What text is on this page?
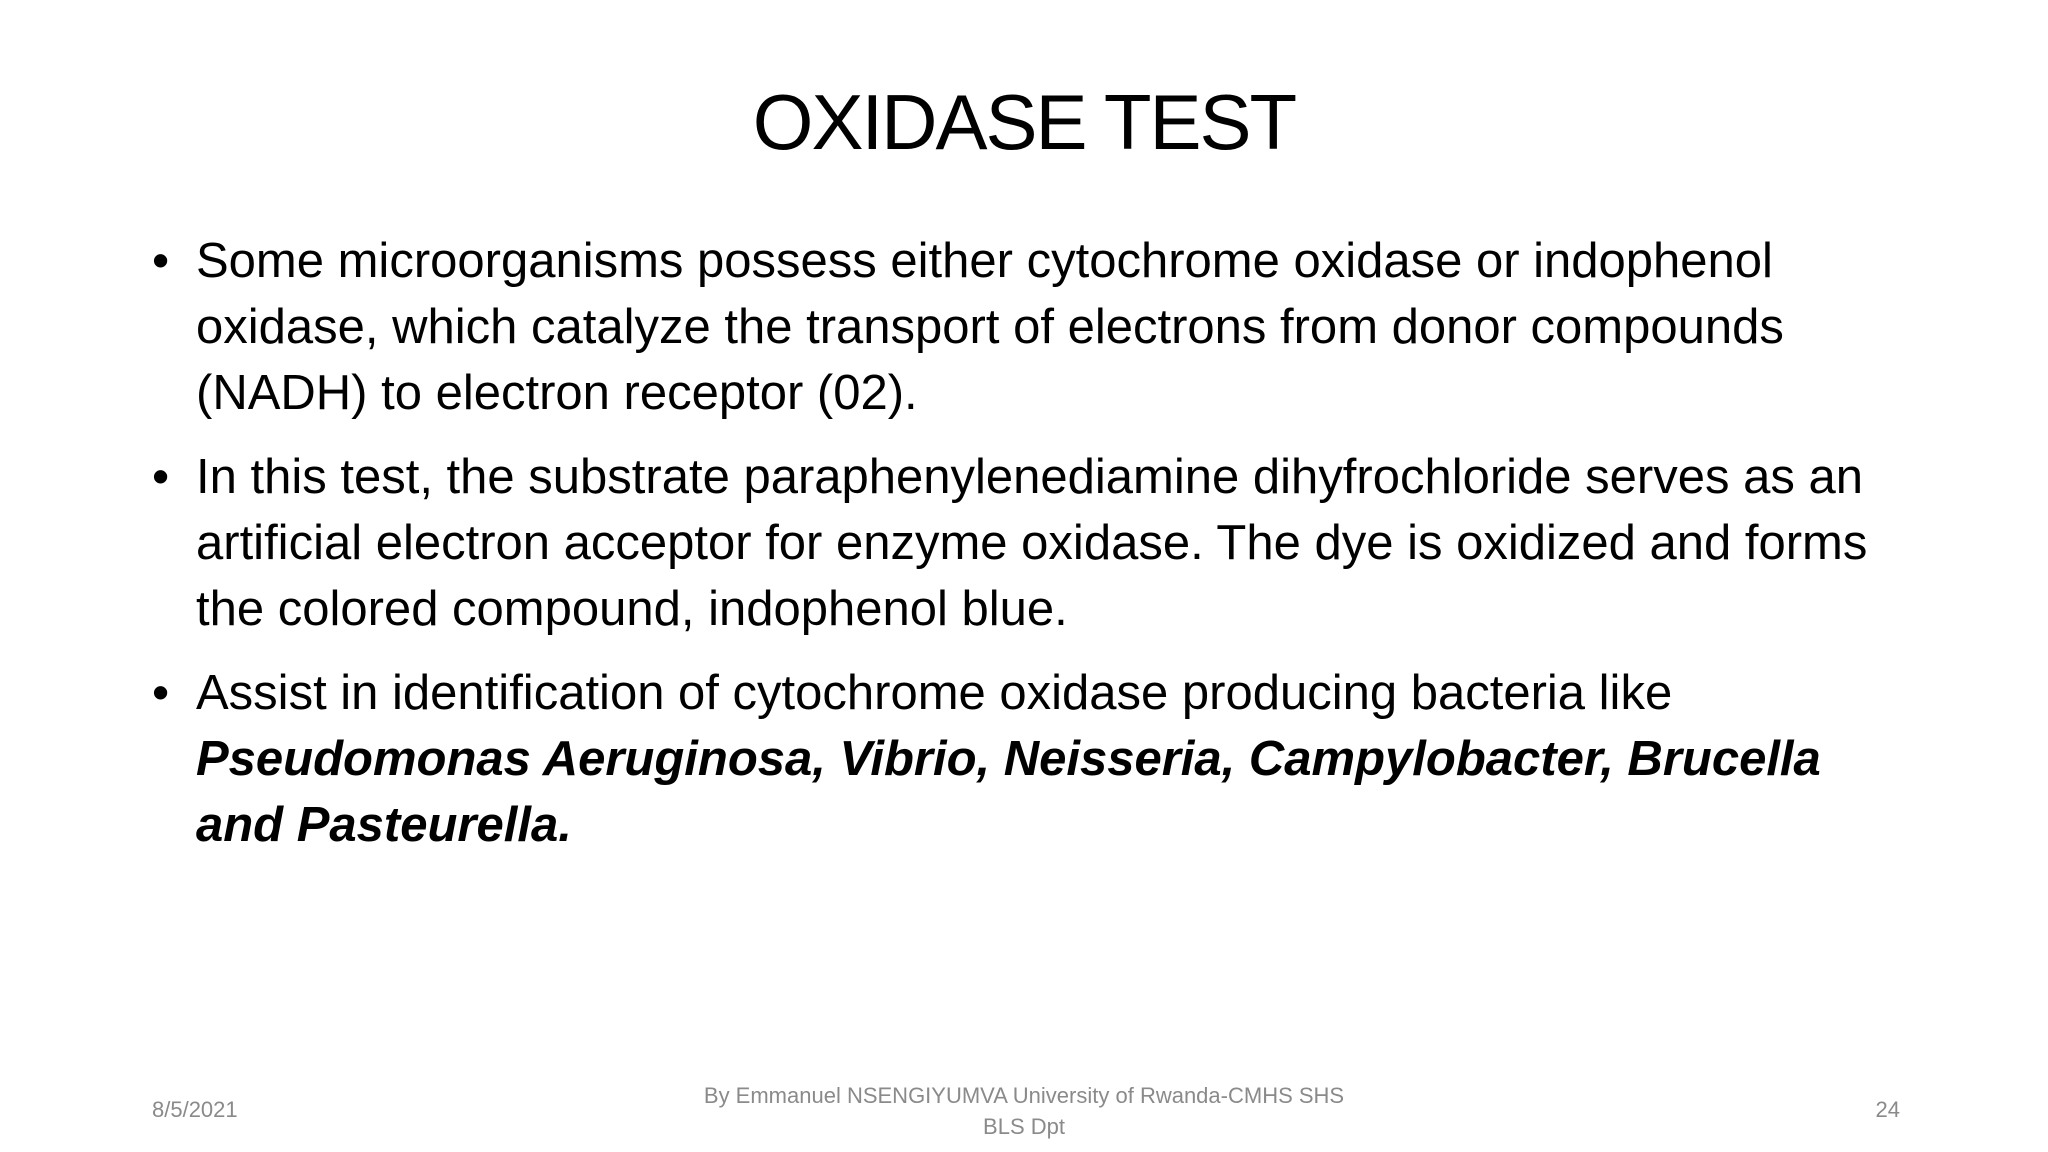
OXIDASE TEST
• Some microorganisms possess either cytochrome oxidase or indophenol oxidase, which catalyze the transport of electrons from donor compounds (NADH) to electron receptor (02).
• In this test, the substrate paraphenylenediamine dihyfrochloride serves as an artificial electron acceptor for enzyme oxidase. The dye is oxidized and forms the colored compound, indophenol blue.
• Assist in identification of cytochrome oxidase producing bacteria like Pseudomonas Aeruginosa, Vibrio, Neisseria, Campylobacter, Brucella and Pasteurella.
8/5/2021
By Emmanuel NSENGIYUMVA University of Rwanda-CMHS SHS
BLS Dpt
24
